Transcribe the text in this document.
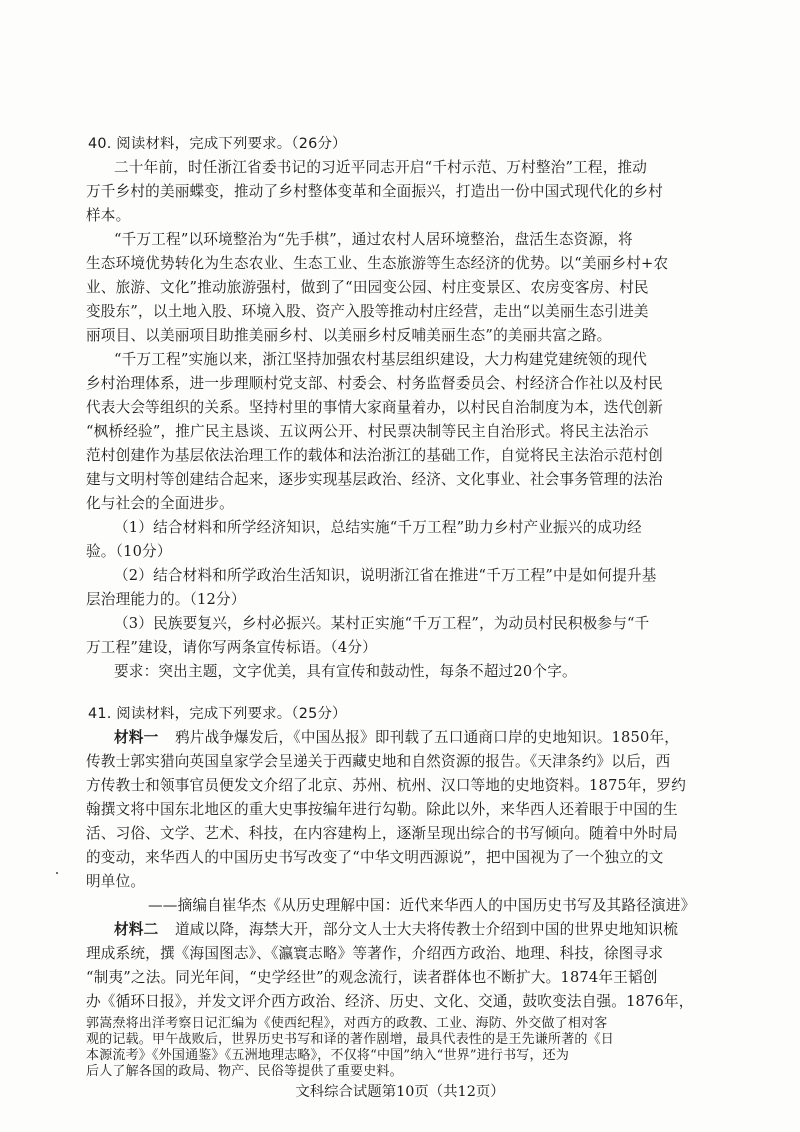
40. 阅读材料，完成下列要求。（26分）
二十年前，时任浙江省委书记的习近平同志开启“千村示范、万村整治”工程，推动
万千乡村的美丽蝶变，推动了乡村整体变革和全面振兴，打造出一份中国式现代化的乡村
样本。
“千万工程”以环境整治为“先手棋”，通过农村人居环境整治，盘活生态资源，将
生态环境优势转化为生态农业、生态工业、生态旅游等生态经济的优势。以“美丽乡村+农
业、旅游、文化”推动旅游强村，做到了“田园变公园、村庄变景区、农房变客房、村民
变股东”，以土地入股、环境入股、资产入股等推动村庄经营，走出“以美丽生态引进美
丽项目、以美丽项目助推美丽乡村、以美丽乡村反哺美丽生态”的美丽共富之路。
“千万工程”实施以来，浙江坚持加强农村基层组织建设，大力构建党建统领的现代
乡村治理体系，进一步理顺村党支部、村委会、村务监督委员会、村经济合作社以及村民
代表大会等组织的关系。坚持村里的事情大家商量着办，以村民自治制度为本，迭代创新
“枫桥经验”，推广民主恳谈、五议两公开、村民票决制等民主自治形式。将民主法治示
范村创建作为基层依法治理工作的载体和法治浙江的基础工作，自觉将民主法治示范村创
建与文明村等创建结合起来，逐步实现基层政治、经济、文化事业、社会事务管理的法治
化与社会的全面进步。
（1）结合材料和所学经济知识，总结实施“千万工程”助力乡村产业振兴的成功经
验。（10分）
（2）结合材料和所学政治生活知识，说明浙江省在推进“千万工程”中是如何提升基
层治理能力的。（12分）
（3）民族要复兴，乡村必振兴。某村正实施“千万工程”，为动员村民积极参与“千
万工程”建设，请你写两条宣传标语。（4分）
要求：突出主题，文字优美，具有宣传和鼓动性，每条不超过20个字。
41. 阅读材料，完成下列要求。（25分）
材料一 鸦片战争爆发后，《中国丛报》即刊载了五口通商口岸的史地知识。1850年，
传教士郭实猎向英国皇家学会呈递关于西藏史地和自然资源的报告。《天津条约》以后，西
方传教士和领事官员便发文介绍了北京、苏州、杭州、汉口等地的史地资料。1875年，罗约
翰撰文将中国东北地区的重大史事按编年进行勾勒。除此以外，来华西人还着眼于中国的生
活、习俗、文学、艺术、科技，在内容建构上，逐渐呈现出综合的书写倾向。随着中外时局
的变动，来华西人的中国历史书写改变了“中华文明西源说”，把中国视为了一个独立的文
明单位。
——摘编自崔华杰《从历史理解中国：近代来华西人的中国历史书写及其路径演进》
材料二 道咸以降，海禁大开，部分文人士大夫将传教士介绍到中国的世界史地知识梳
理成系统，撰《海国图志》、《瀛寰志略》等著作，介绍西方政治、地理、科技，徐图寻求
“制夷”之法。同光年间，“史学经世”的观念流行，读者群体也不断扩大。1874年王韬创
办《循环日报》，并发文评介西方政治、经济、历史、文化、交通，鼓吹变法自强。1876年，
文科综合试题第10页（共12页）
郭嵩焘将出洋考察日记汇编为《使西纪程》，对西方的政教、工业、海防、外交做了相对客
观的记载。甲午战败后，世界历史书写和译的著作剧增，最具代表性的是王先谦所著的《日
本源流考》《外国通鉴》《五洲地理志略》，不仅将“中国”纳入“世界”进行书写，还为
后人了解各国的政局、物产、民俗等提供了重要史料。
